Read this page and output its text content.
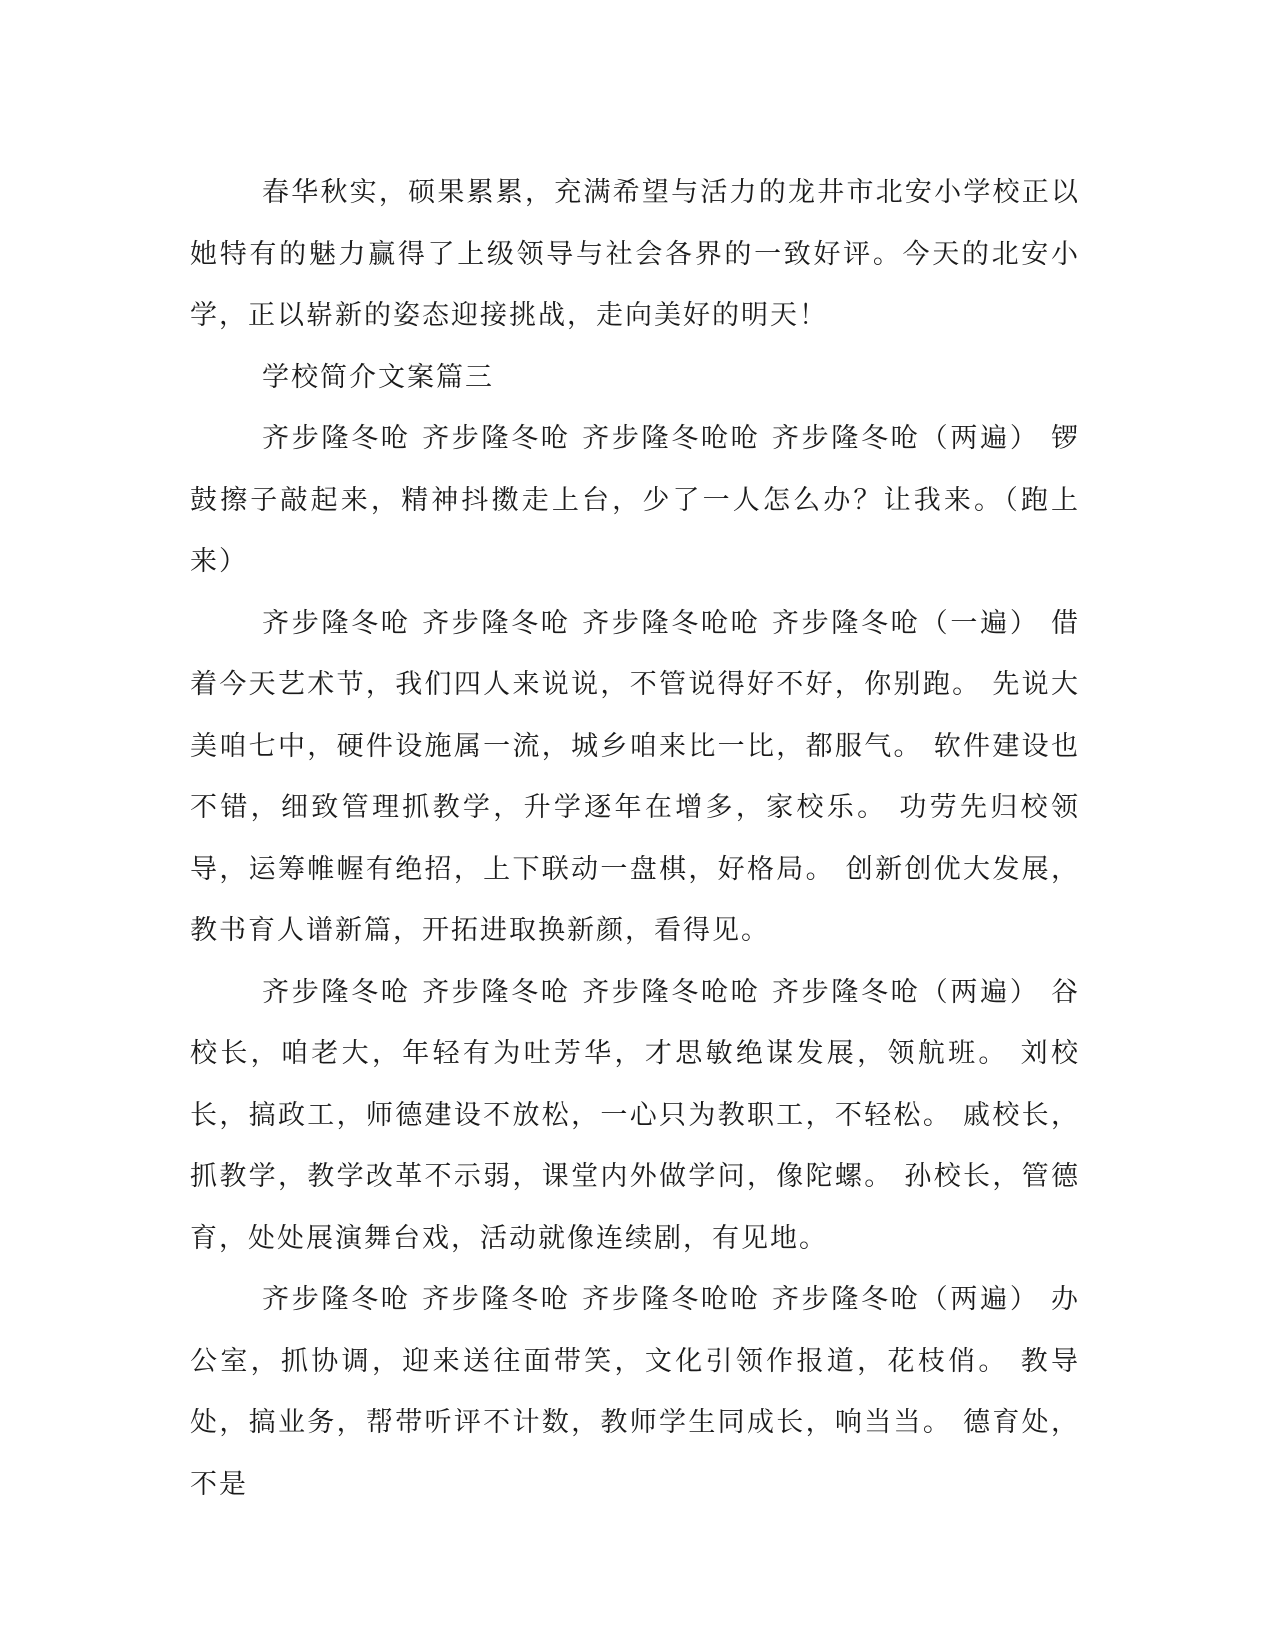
春华秋实，硕果累累，充满希望与活力的龙井市北安小学校正以她特有的魅力赢得了上级领导与社会各界的一致好评。今天的北安小学，正以崭新的姿态迎接挑战，走向美好的明天！

学校简介文案篇三

齐步隆冬呛 齐步隆冬呛 齐步隆冬呛呛 齐步隆冬呛（两遍） 锣鼓擦子敲起来，精神抖擞走上台，少了一人怎么办？让我来。（跑上来）

齐步隆冬呛 齐步隆冬呛 齐步隆冬呛呛 齐步隆冬呛（一遍） 借着今天艺术节，我们四人来说说，不管说得好不好，你别跑。 先说大美咱七中，硬件设施属一流，城乡咱来比一比，都服气。 软件建设也不错，细致管理抓教学，升学逐年在增多，家校乐。 功劳先归校领导，运筹帷幄有绝招，上下联动一盘棋，好格局。 创新创优大发展，教书育人谱新篇，开拓进取换新颜，看得见。

齐步隆冬呛 齐步隆冬呛 齐步隆冬呛呛 齐步隆冬呛（两遍） 谷校长，咱老大，年轻有为吐芳华，才思敏绝谋发展，领航班。 刘校长，搞政工，师德建设不放松，一心只为教职工，不轻松。 戚校长，抓教学，教学改革不示弱，课堂内外做学问，像陀螺。 孙校长，管德育，处处展演舞台戏，活动就像连续剧，有见地。

齐步隆冬呛 齐步隆冬呛 齐步隆冬呛呛 齐步隆冬呛（两遍） 办公室，抓协调，迎来送往面带笑，文化引领作报道，花枝俏。 教导处，搞业务，帮带听评不计数，教师学生同成长，响当当。 德育处，不是
